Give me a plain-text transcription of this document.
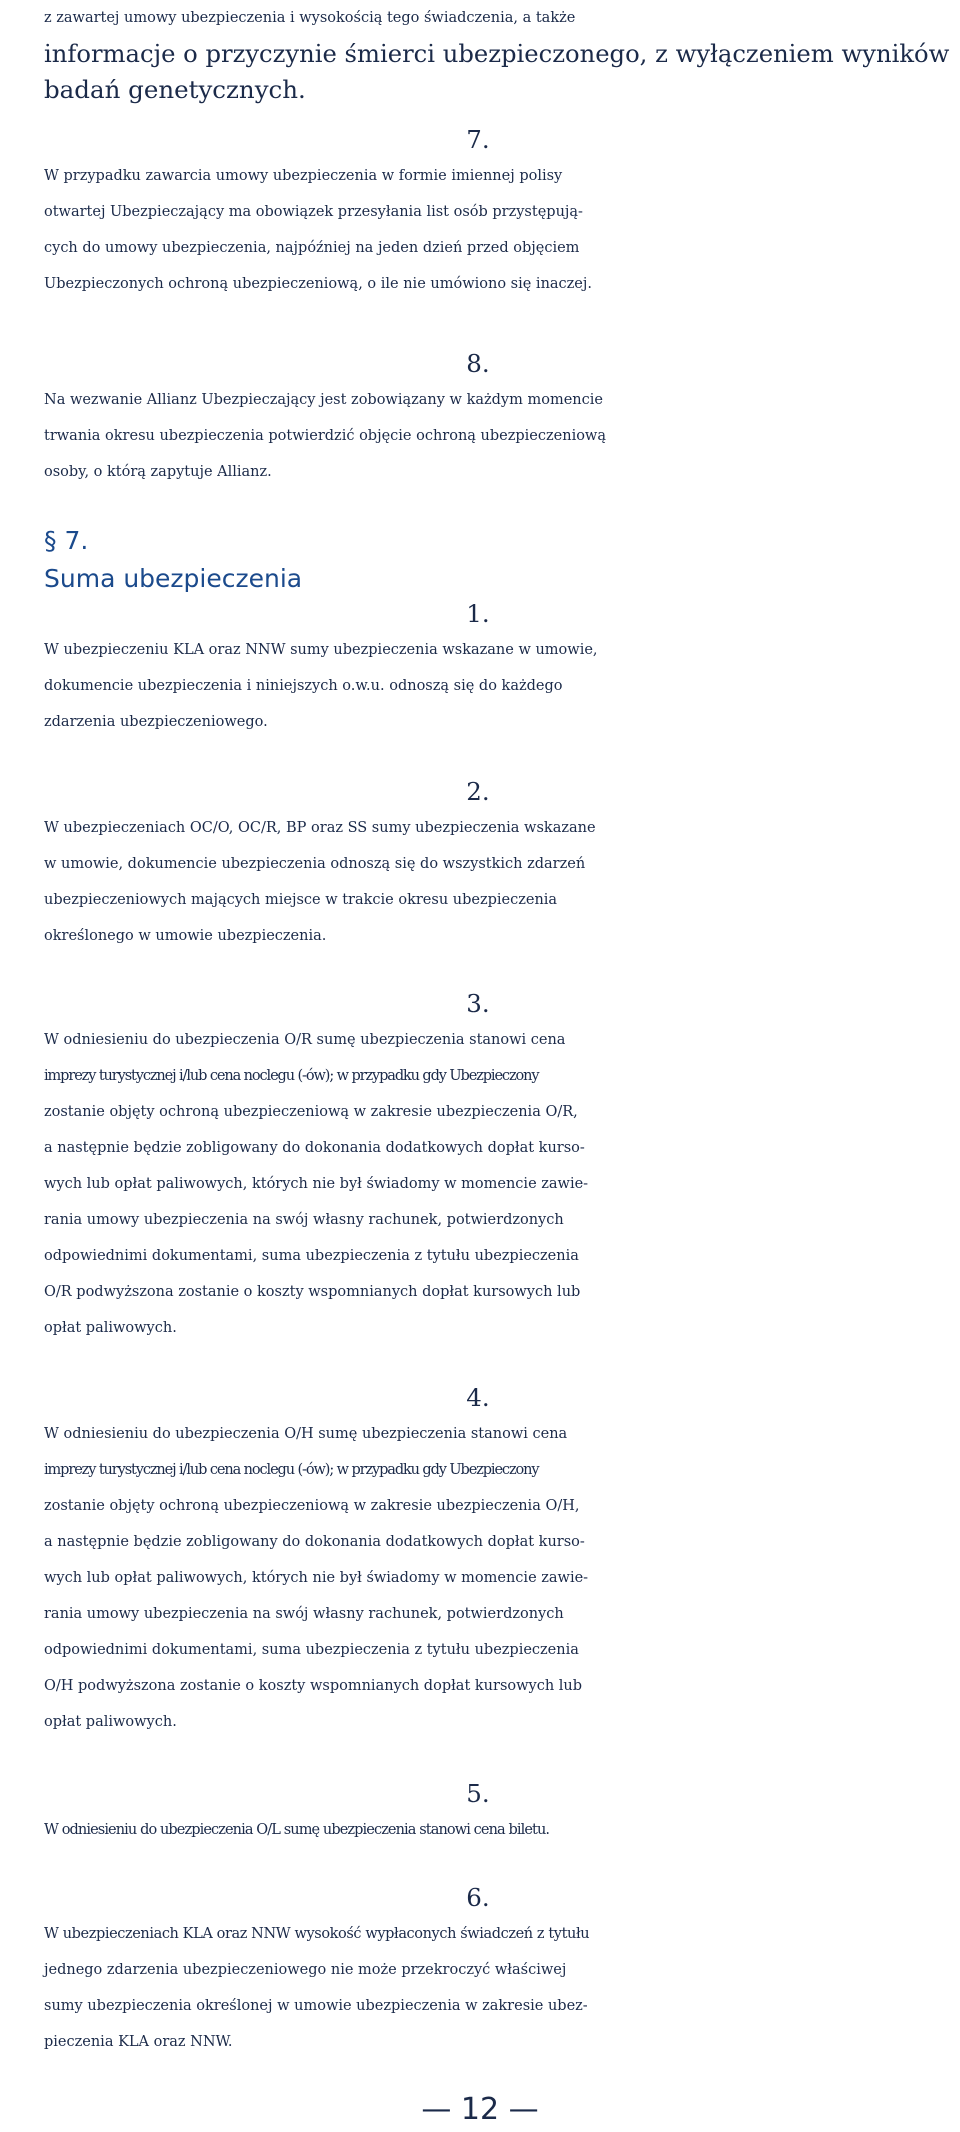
z zawartej umowy ubezpieczenia i wysokością tego świadczenia, a także
informacje o przyczynie śmierci ubezpieczonego, z wyłączeniem wyników
badań genetycznych.

7.

W przypadku zawarcia umowy ubezpieczenia w formie imiennej polisy
otwartej Ubezpieczający ma obowiązek przesyłania list osób przystępują-
cych do umowy ubezpieczenia, najpóźniej na jeden dzień przed objęciem
Ubezpieczonych ochroną ubezpieczeniową, o ile nie umówiono się inaczej.

8.

Na wezwanie Allianz Ubezpieczający jest zobowiązany w każdym momencie
trwania okresu ubezpieczenia potwierdzić objęcie ochroną ubezpieczeniową
osoby, o którą zapytuje Allianz.

§ 7.

Suma ubezpieczenia

1.

W ubezpieczeniu KLA oraz NNW sumy ubezpieczenia wskazane w umowie,
dokumencie ubezpieczenia i niniejszych o.w.u. odnoszą się do każdego
zdarzenia ubezpieczeniowego.

2.

W ubezpieczeniach OC/O, OC/R, BP oraz SS sumy ubezpieczenia wskazane
w umowie, dokumencie ubezpieczenia odnoszą się do wszystkich zdarzeń
ubezpieczeniowych mających miejsce w trakcie okresu ubezpieczenia
określonego w umowie ubezpieczenia.

3.

W odniesieniu do ubezpieczenia O/R sumę ubezpieczenia stanowi cena
imprezy turystycznej i/lub cena noclegu (-ów); w przypadku gdy Ubezpieczony
zostanie objęty ochroną ubezpieczeniową w zakresie ubezpieczenia O/R,
a następnie będzie zobligowany do dokonania dodatkowych dopłat kurso-
wych lub opłat paliwowych, których nie był świadomy w momencie zawie-
rania umowy ubezpieczenia na swój własny rachunek, potwierdzonych
odpowiednimi dokumentami, suma ubezpieczenia z tytułu ubezpieczenia
O/R podwyższona zostanie o koszty wspomnianych dopłat kursowych lub
opłat paliwowych.

4.

W odniesieniu do ubezpieczenia O/H sumę ubezpieczenia stanowi cena
imprezy turystycznej i/lub cena noclegu (-ów); w przypadku gdy Ubezpieczony
zostanie objęty ochroną ubezpieczeniową w zakresie ubezpieczenia O/H,
a następnie będzie zobligowany do dokonania dodatkowych dopłat kurso-
wych lub opłat paliwowych, których nie był świadomy w momencie zawie-
rania umowy ubezpieczenia na swój własny rachunek, potwierdzonych
odpowiednimi dokumentami, suma ubezpieczenia z tytułu ubezpieczenia
O/H podwyższona zostanie o koszty wspomnianych dopłat kursowych lub
opłat paliwowych.

5.

W odniesieniu do ubezpieczenia O/L sumę ubezpieczenia stanowi cena biletu.

6.

W ubezpieczeniach KLA oraz NNW wysokość wypłaconych świadczeń z tytułu
jednego zdarzenia ubezpieczeniowego nie może przekroczyć właściwej
sumy ubezpieczenia określonej w umowie ubezpieczenia w zakresie ubez-
pieczenia KLA oraz NNW.

— 12 —
